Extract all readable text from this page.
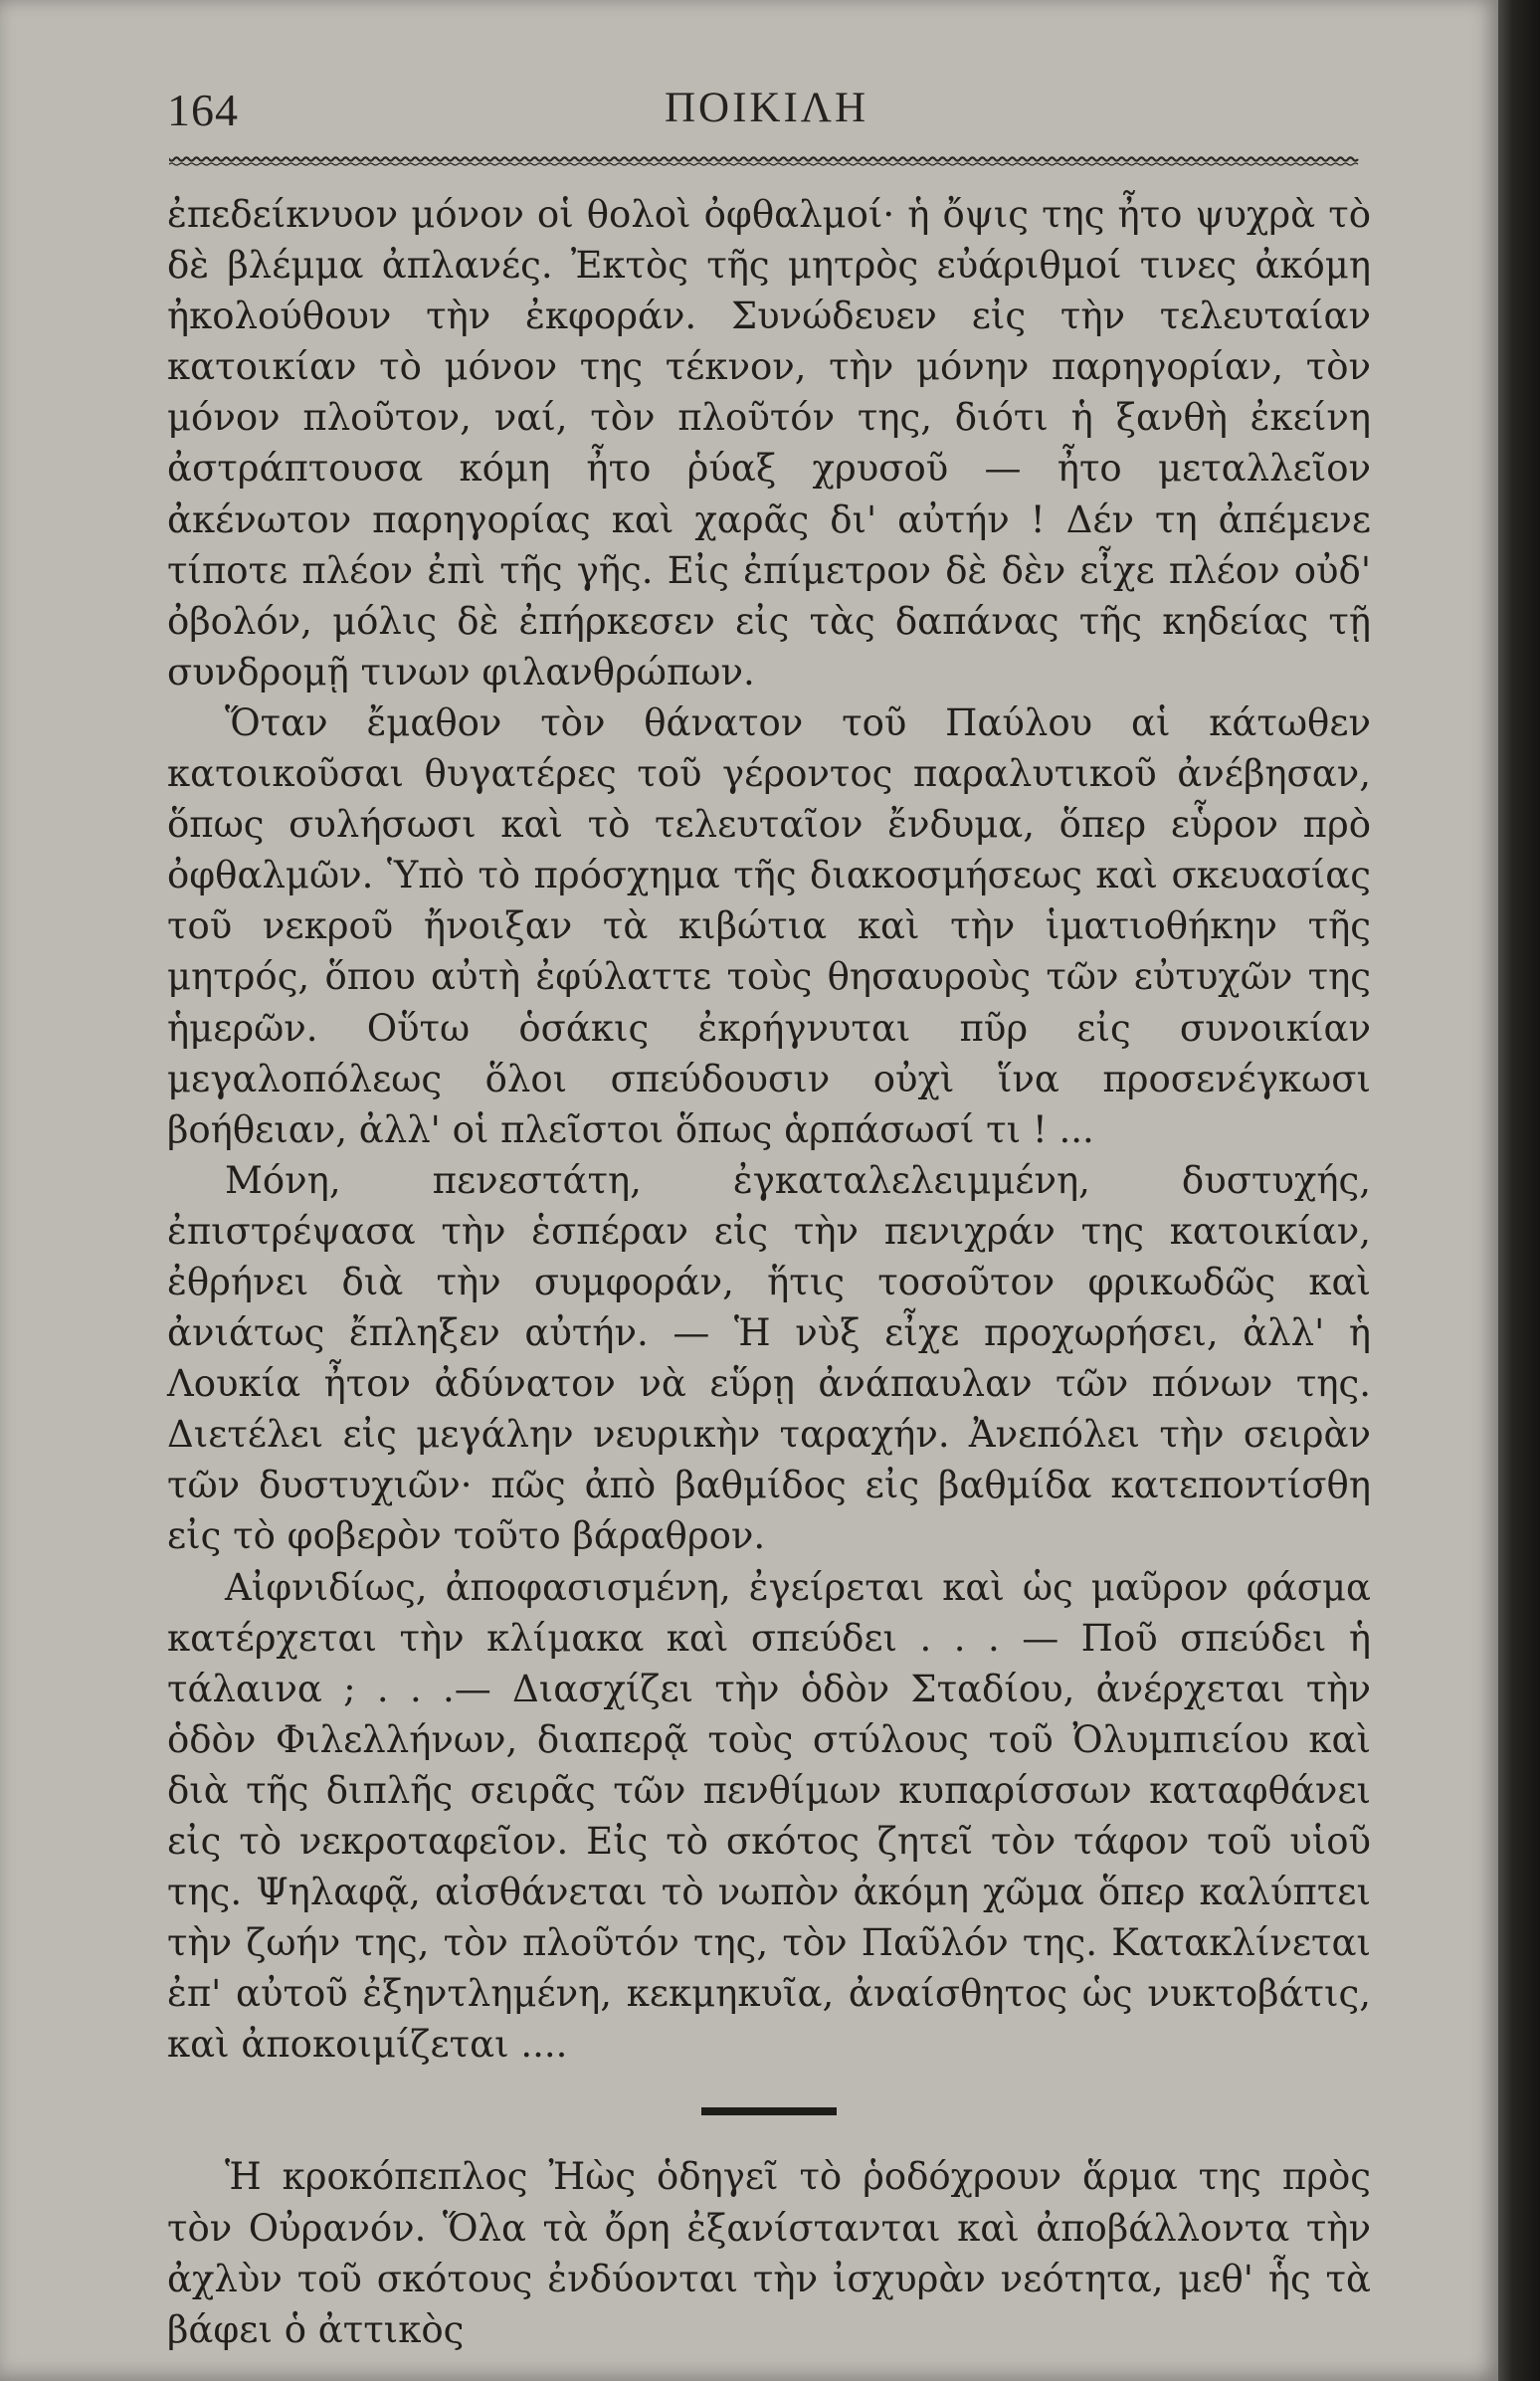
164	ΠΟΙΚΙΛΗ

ἐπεδείκνυον μόνον οἱ θολοὶ ὀφθαλμοί· ἡ ὄψις της ἦτο ψυχρὰ τὸ δὲ βλέμμα ἀπλανές. Ἐκτὸς τῆς μητρὸς εὐάριθμοί τινες ἀκόμη ἠκολούθουν τὴν ἐκφοράν. Συνώδευεν εἰς τὴν τελευταίαν κατοικίαν τὸ μόνον της τέκνον, τὴν μόνην παρηγορίαν, τὸν μόνον πλοῦτον, ναί, τὸν πλοῦτόν της, διότι ἡ ξανθὴ ἐκείνη ἀστράπτουσα κόμη ἦτο ῥύαξ χρυσοῦ — ἦτο μεταλλεῖον ἀκένωτον παρηγορίας καὶ χαρᾶς δι' αὐτήν ! Δέν τη ἀπέμενε τίποτε πλέον ἐπὶ τῆς γῆς. Εἰς ἐπίμετρον δὲ δὲν εἶχε πλέον οὐδ' ὀβολόν, μόλις δὲ ἐπήρκεσεν εἰς τὰς δαπάνας τῆς κηδείας τῇ συνδρομῇ τινων φιλανθρώπων.

Ὅταν ἔμαθον τὸν θάνατον τοῦ Παύλου αἱ κάτωθεν κατοικοῦσαι θυγατέρες τοῦ γέροντος παραλυτικοῦ ἀνέβησαν, ὅπως συλήσωσι καὶ τὸ τελευταῖον ἔνδυμα, ὅπερ εὗρον πρὸ ὀφθαλμῶν. Ὑπὸ τὸ πρόσχημα τῆς διακοσμήσεως καὶ σκευασίας τοῦ νεκροῦ ἤνοιξαν τὰ κιβώτια καὶ τὴν ἱματιοθήκην τῆς μητρός, ὅπου αὐτὴ ἐφύλαττε τοὺς θησαυροὺς τῶν εὐτυχῶν της ἡμερῶν. Οὕτω ὁσάκις ἐκρήγνυται πῦρ εἰς συνοικίαν μεγαλοπόλεως ὅλοι σπεύδουσιν οὐχὶ ἵνα προσενέγκωσι βοήθειαν, ἀλλ' οἱ πλεῖστοι ὅπως ἁρπάσωσί τι ! ...

Μόνη, πενεστάτη, ἐγκαταλελειμμένη, δυστυχής, ἐπιστρέψασα τὴν ἑσπέραν εἰς τὴν πενιχράν της κατοικίαν, ἐθρήνει διὰ τὴν συμφοράν, ἥτις τοσοῦτον φρικωδῶς καὶ ἀνιάτως ἔπληξεν αὐτήν. — Ἡ νὺξ εἶχε προχωρήσει, ἀλλ' ἡ Λουκία ἦτον ἀδύνατον νὰ εὕρῃ ἀνάπαυλαν τῶν πόνων της. Διετέλει εἰς μεγάλην νευρικὴν ταραχήν. Ἀνεπόλει τὴν σειρὰν τῶν δυστυχιῶν· πῶς ἀπὸ βαθμίδος εἰς βαθμίδα κατεποντίσθη εἰς τὸ φοβερὸν τοῦτο βάραθρον.

Αἰφνιδίως, ἀποφασισμένη, ἐγείρεται καὶ ὡς μαῦρον φάσμα κατέρχεται τὴν κλίμακα καὶ σπεύδει . . . — Ποῦ σπεύδει ἡ τάλαινα ; . . .— Διασχίζει τὴν ὁδὸν Σταδίου, ἀνέρχεται τὴν ὁδὸν Φιλελλήνων, διαπερᾷ τοὺς στύλους τοῦ Ὀλυμπιείου καὶ διὰ τῆς διπλῆς σειρᾶς τῶν πενθίμων κυπαρίσσων καταφθάνει εἰς τὸ νεκροταφεῖον. Εἰς τὸ σκότος ζητεῖ τὸν τάφον τοῦ υἱοῦ της. Ψηλαφᾷ, αἰσθάνεται τὸ νωπὸν ἀκόμη χῶμα ὅπερ καλύπτει τὴν ζωήν της, τὸν πλοῦτόν της, τὸν Παῦλόν της. Κατακλίνεται ἐπ' αὐτοῦ ἐξηντλημένη, κεκμηκυῖα, ἀναίσθητος ὡς νυκτοβάτις, καὶ ἀποκοιμίζεται ....

Ἡ κροκόπεπλος Ἠὼς ὁδηγεῖ τὸ ῥοδόχρουν ἅρμα της πρὸς τὸν Οὐρανόν. Ὅλα τὰ ὄρη ἐξανίστανται καὶ ἀποβάλλοντα τὴν ἀχλὺν τοῦ σκότους ἐνδύονται τὴν ἰσχυρὰν νεότητα, μεθ' ἧς τὰ βάφει ὁ ἀττικὸς
